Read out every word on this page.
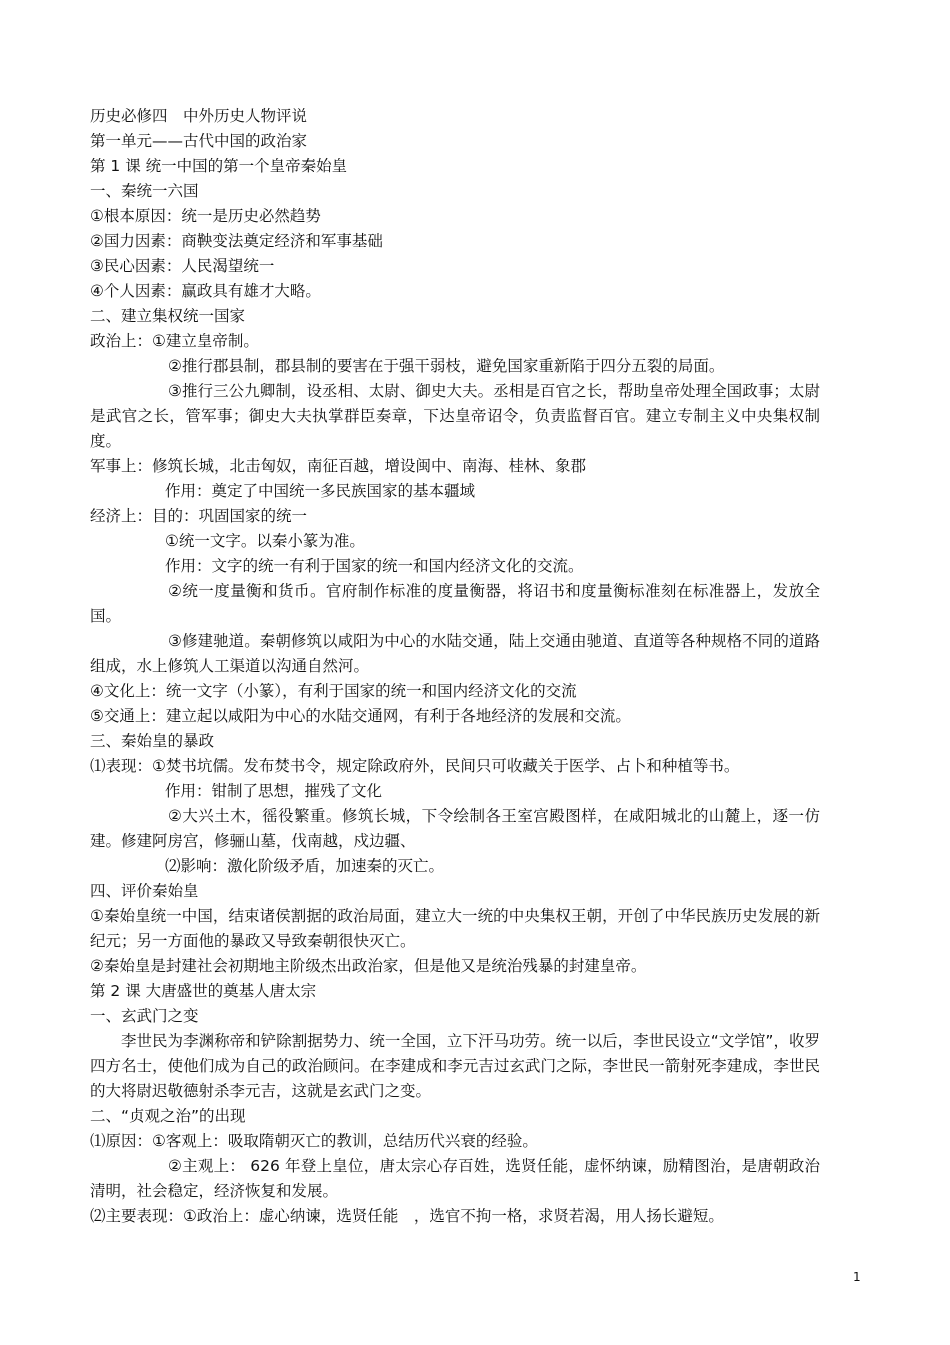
历史必修四　中外历史人物评说
第一单元——古代中国的政治家
第 1 课 统一中国的第一个皇帝秦始皇
一、秦统一六国
①根本原因：统一是历史必然趋势
②国力因素：商鞅变法奠定经济和军事基础
③民心因素：人民渴望统一
④个人因素：赢政具有雄才大略。
二、建立集权统一国家
政治上：①建立皇帝制。
②推行郡县制，郡县制的要害在于强干弱枝，避免国家重新陷于四分五裂的局面。
③推行三公九卿制，设丞相、太尉、御史大夫。丞相是百官之长，帮助皇帝处理全国政事；太尉是武官之长，管军事；御史大夫执掌群臣奏章，下达皇帝诏令，负责监督百官。建立专制主义中央集权制度。
军事上：修筑长城，北击匈奴，南征百越，增设闽中、南海、桂林、象郡
作用：奠定了中国统一多民族国家的基本疆域
经济上：目的：巩固国家的统一
①统一文字。以秦小篆为准。
作用：文字的统一有利于国家的统一和国内经济文化的交流。
②统一度量衡和货币。官府制作标准的度量衡器，将诏书和度量衡标准刻在标准器上，发放全国。
③修建驰道。秦朝修筑以咸阳为中心的水陆交通，陆上交通由驰道、直道等各种规格不同的道路组成，水上修筑人工渠道以沟通自然河。
④文化上：统一文字（小篆），有利于国家的统一和国内经济文化的交流
⑤交通上：建立起以咸阳为中心的水陆交通网，有利于各地经济的发展和交流。
三、秦始皇的暴政
⑴表现：①焚书坑儒。发布焚书令，规定除政府外，民间只可收藏关于医学、占卜和种植等书。
作用：钳制了思想，摧残了文化
②大兴土木，徭役繁重。修筑长城，下令绘制各王室宫殿图样，在咸阳城北的山麓上，逐一仿建。修建阿房宫，修骊山墓，伐南越，戍边疆、
⑵影响：激化阶级矛盾，加速秦的灭亡。
四、评价秦始皇
①秦始皇统一中国，结束诸侯割据的政治局面，建立大一统的中央集权王朝，开创了中华民族历史发展的新纪元；另一方面他的暴政又导致秦朝很快灭亡。
②秦始皇是封建社会初期地主阶级杰出政治家，但是他又是统治残暴的封建皇帝。
第 2 课 大唐盛世的奠基人唐太宗
一、玄武门之变
李世民为李渊称帝和铲除割据势力、统一全国，立下汗马功劳。统一以后，李世民设立“文学馆”，收罗四方名士，使他们成为自己的政治顾问。在李建成和李元吉过玄武门之际，李世民一箭射死李建成，李世民的大将尉迟敬德射杀李元吉，这就是玄武门之变。
二、“贞观之治”的出现
⑴原因：①客观上：吸取隋朝灭亡的教训，总结历代兴衰的经验。
②主观上： 626 年登上皇位，唐太宗心存百姓，选贤任能，虚怀纳谏，励精图治，是唐朝政治清明，社会稳定，经济恢复和发展。
⑵主要表现：①政治上：虚心纳谏，选贤任能　，选官不拘一格，求贤若渴，用人扬长避短。
1
